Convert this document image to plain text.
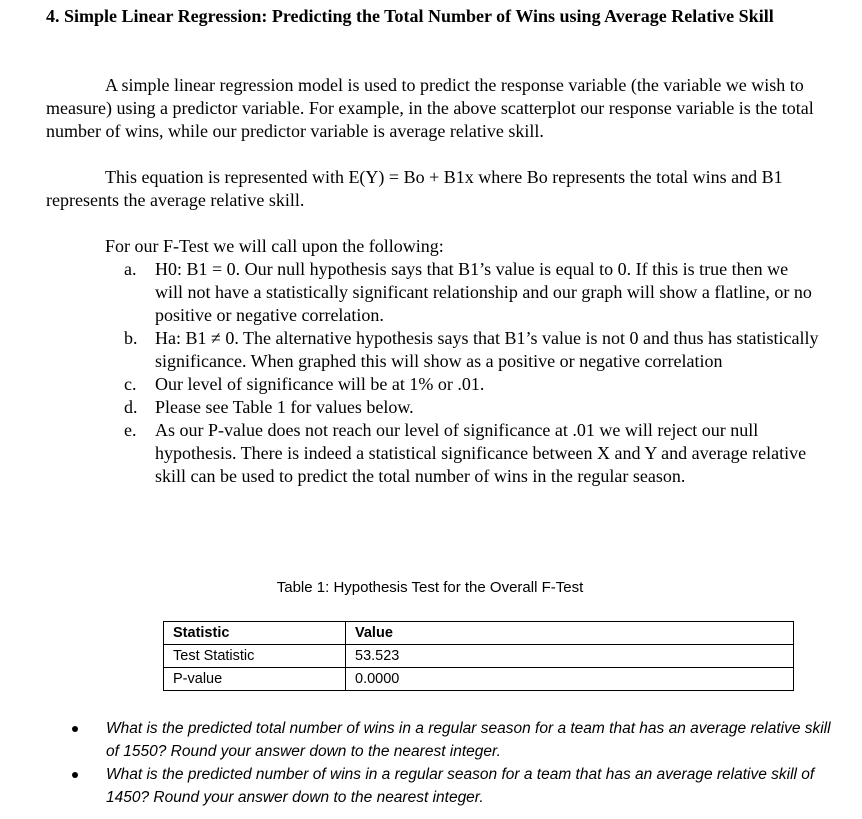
4. Simple Linear Regression: Predicting the Total Number of Wins using Average Relative Skill
A simple linear regression model is used to predict the response variable (the variable we wish to measure) using a predictor variable. For example, in the above scatterplot our response variable is the total number of wins, while our predictor variable is average relative skill.
This equation is represented with E(Y) = Bo + B1x where Bo represents the total wins and B1 represents the average relative skill.
For our F-Test we will call upon the following:
a. H0: B1 = 0. Our null hypothesis says that B1’s value is equal to 0. If this is true then we will not have a statistically significant relationship and our graph will show a flatline, or no positive or negative correlation.
b. Ha: B1 ≠ 0. The alternative hypothesis says that B1’s value is not 0 and thus has statistically significance. When graphed this will show as a positive or negative correlation
c. Our level of significance will be at 1% or .01.
d. Please see Table 1 for values below.
e. As our P-value does not reach our level of significance at .01 we will reject our null hypothesis. There is indeed a statistical significance between X and Y and average relative skill can be used to predict the total number of wins in the regular season.
Table 1: Hypothesis Test for the Overall F-Test
Statistic	Value
Test Statistic	53.523
P-value	0.0000
What is the predicted total number of wins in a regular season for a team that has an average relative skill of 1550? Round your answer down to the nearest integer.
What is the predicted number of wins in a regular season for a team that has an average relative skill of 1450? Round your answer down to the nearest integer.
